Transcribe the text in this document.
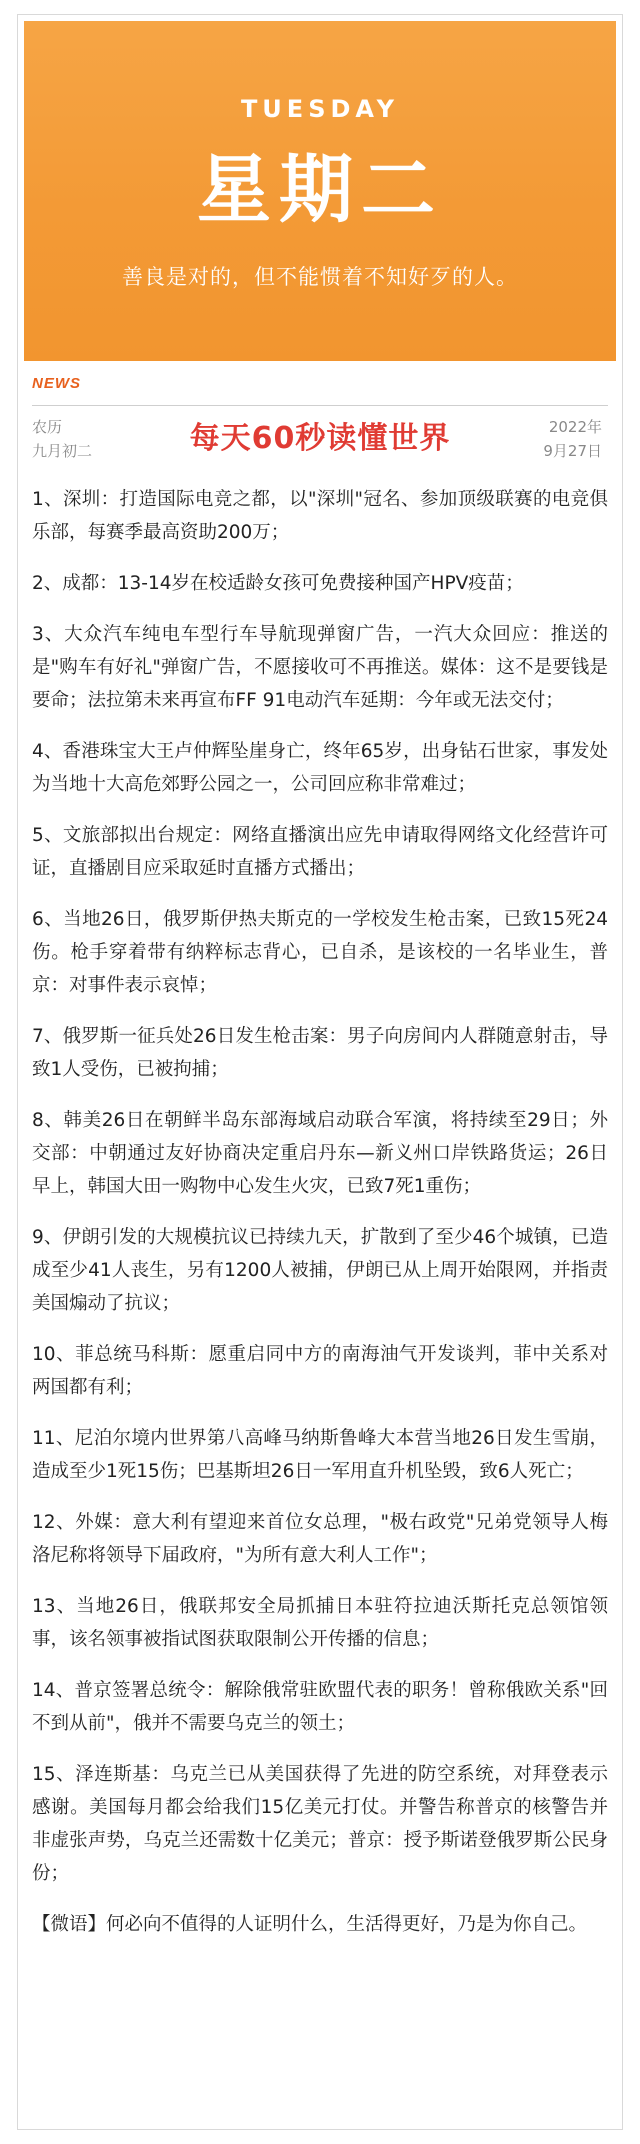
TUESDAY
星期二
善良是对的，但不能惯着不知好歹的人。
NEWS
农历
九月初二	每天60秒读懂世界	2022年
9月27日

1、深圳：打造国际电竞之都，以"深圳"冠名、参加顶级联赛的电竞俱乐部，每赛季最高资助200万；

2、成都：13-14岁在校适龄女孩可免费接种国产HPV疫苗；

3、大众汽车纯电车型行车导航现弹窗广告，一汽大众回应：推送的是"购车有好礼"弹窗广告，不愿接收可不再推送。媒体：这不是要钱是要命；法拉第未来再宣布FF 91电动汽车延期：今年或无法交付；

4、香港珠宝大王卢仲辉坠崖身亡，终年65岁，出身钻石世家，事发处为当地十大高危郊野公园之一，公司回应称非常难过；

5、文旅部拟出台规定：网络直播演出应先申请取得网络文化经营许可证，直播剧目应采取延时直播方式播出；

6、当地26日，俄罗斯伊热夫斯克的一学校发生枪击案，已致15死24伤。枪手穿着带有纳粹标志背心，已自杀，是该校的一名毕业生，普京：对事件表示哀悼；

7、俄罗斯一征兵处26日发生枪击案：男子向房间内人群随意射击，导致1人受伤，已被拘捕；

8、韩美26日在朝鲜半岛东部海域启动联合军演，将持续至29日；外交部：中朝通过友好协商决定重启丹东—新义州口岸铁路货运；26日早上，韩国大田一购物中心发生火灾，已致7死1重伤；

9、伊朗引发的大规模抗议已持续九天，扩散到了至少46个城镇，已造成至少41人丧生，另有1200人被捕，伊朗已从上周开始限网，并指责美国煽动了抗议；

10、菲总统马科斯：愿重启同中方的南海油气开发谈判，菲中关系对两国都有利；

11、尼泊尔境内世界第八高峰马纳斯鲁峰大本营当地26日发生雪崩，造成至少1死15伤；巴基斯坦26日一军用直升机坠毁，致6人死亡；

12、外媒：意大利有望迎来首位女总理，"极右政党"兄弟党领导人梅洛尼称将领导下届政府，"为所有意大利人工作"；

13、当地26日，俄联邦安全局抓捕日本驻符拉迪沃斯托克总领馆领事，该名领事被指试图获取限制公开传播的信息；

14、普京签署总统令：解除俄常驻欧盟代表的职务！曾称俄欧关系"回不到从前"，俄并不需要乌克兰的领土；

15、泽连斯基：乌克兰已从美国获得了先进的防空系统，对拜登表示感谢。美国每月都会给我们15亿美元打仗。并警告称普京的核警告并非虚张声势，乌克兰还需数十亿美元；普京：授予斯诺登俄罗斯公民身份；

【微语】何必向不值得的人证明什么，生活得更好，乃是为你自己。
